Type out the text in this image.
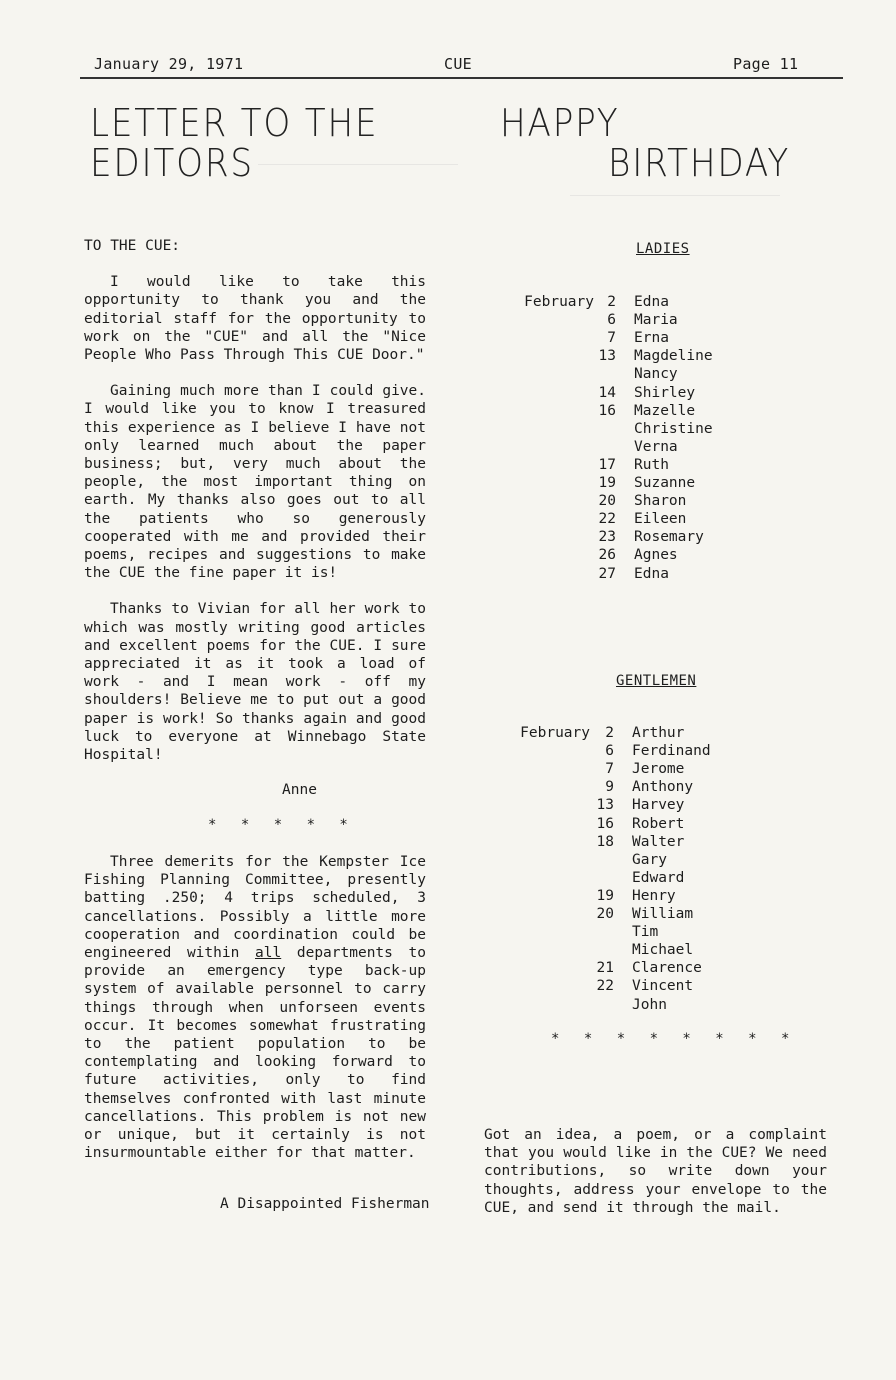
January 29, 1971	CUE	Page 11
LETTER TO THE
EDITORS

TO THE CUE:

I would like to take this opportunity to thank you and the editorial staff for the opportunity to work on the "CUE" and all the "Nice People Who Pass Through This CUE Door."

Gaining much more than I could give. I would like you to know I treasured this experience as I believe I have not only learned much about the paper business; but, very much about the people, the most important thing on earth. My thanks also goes out to all the patients who so generously cooperated with me and provided their poems, recipes and suggestions to make the CUE the fine paper it is!

Thanks to Vivian for all her work to which was mostly writing good articles and excellent poems for the CUE. I sure appreciated it as it took a load of work - and I mean work - off my shoulders! Believe me to put out a good paper is work! So thanks again and good luck to everyone at Winnebago State Hospital!

Anne
* * * * *

Three demerits for the Kempster Ice Fishing Planning Committee, presently batting .250; 4 trips scheduled, 3 cancellations. Possibly a little more cooperation and coordination could be engineered within all departments to provide an emergency type back-up system of available personnel to carry things through when unforseen events occur. It becomes somewhat frustrating to the patient population to be contemplating and looking forward to future activities, only to find themselves confronted with last minute cancellations. This problem is not new or unique, but it certainly is not insurmountable either for that matter.

A Disappointed Fisherman
HAPPY
BIRTHDAY
LADIES
February 2 Edna
6 Maria
7 Erna
13 Magdeline
Nancy
14 Shirley
16 Mazelle
Christine
Verna
17 Ruth
19 Suzanne
20 Sharon
22 Eileen
23 Rosemary
26 Agnes
27 Edna
GENTLEMEN
February	2 Arthur
6 Ferdinand
7 Jerome
9 Anthony
13 Harvey
16 Robert
18 Walter
Gary
Edward
19 Henry
20 William
Tim
Michael
21 Clarence
22 Vincent
John
* * * * * * * *
Got an idea, a poem, or a complaint that you would like in the CUE? We need contributions, so write down your thoughts, address your envelope to the CUE, and send it through the mail.
